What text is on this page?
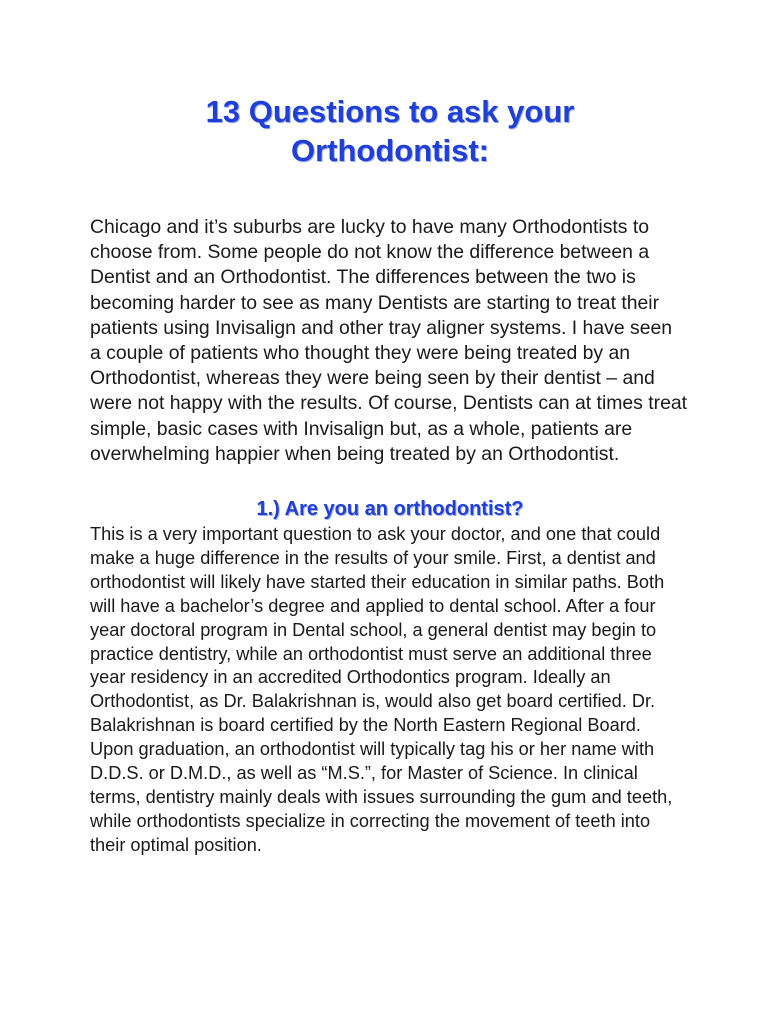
13 Questions to ask your
Orthodontist:

Chicago and it’s suburbs are lucky to have many Orthodontists to choose from. Some people do not know the difference between a Dentist and an Orthodontist. The differences between the two is becoming harder to see as many Dentists are starting to treat their patients using Invisalign and other tray aligner systems. I have seen a couple of patients who thought they were being treated by an Orthodontist, whereas they were being seen by their dentist – and were not happy with the results. Of course, Dentists can at times treat simple, basic cases with Invisalign but, as a whole, patients are overwhelming happier when being treated by an Orthodontist.

1.) Are you an orthodontist?

This is a very important question to ask your doctor, and one that could make a huge difference in the results of your smile. First, a dentist and orthodontist will likely have started their education in similar paths. Both will have a bachelor’s degree and applied to dental school. After a four year doctoral program in Dental school, a general dentist may begin to practice dentistry, while an orthodontist must serve an additional three year residency in an accredited Orthodontics program. Ideally an Orthodontist, as Dr. Balakrishnan is, would also get board certified. Dr. Balakrishnan is board certified by the North Eastern Regional Board. Upon graduation, an orthodontist will typically tag his or her name with D.D.S. or D.M.D., as well as “M.S.”, for Master of Science. In clinical terms, dentistry mainly deals with issues surrounding the gum and teeth, while orthodontists specialize in correcting the movement of teeth into their optimal position.
